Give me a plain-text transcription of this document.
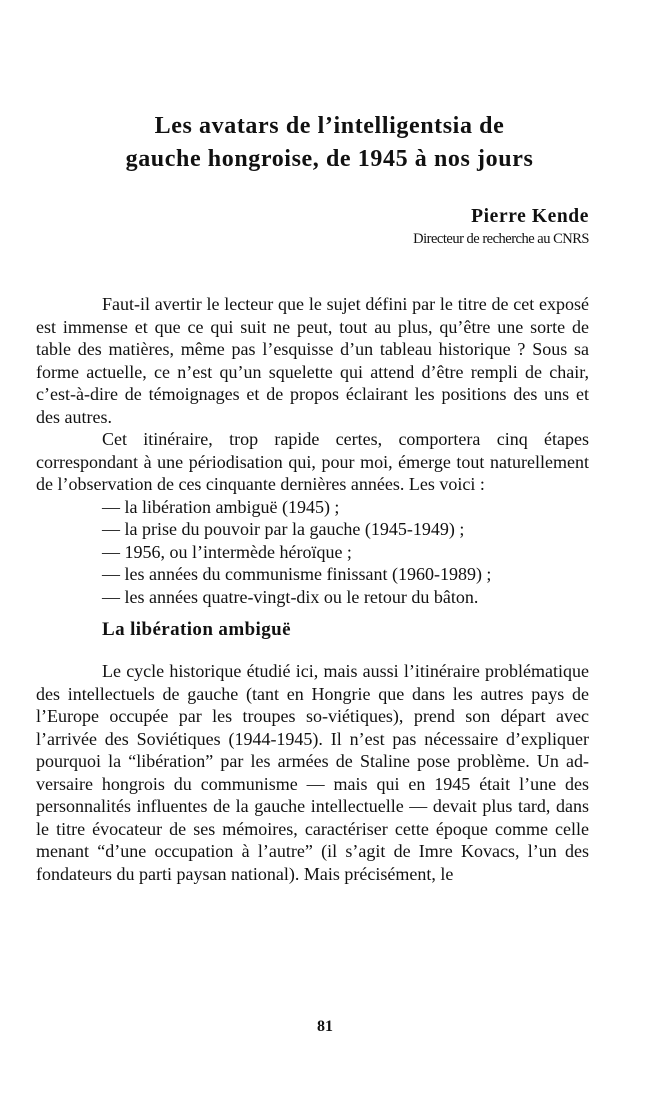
Les avatars de l’intelligentsia de
gauche hongroise, de 1945 à nos jours
Pierre Kende
Directeur de recherche au CNRS

Faut-il avertir le lecteur que le sujet défini par le titre de cet exposé est immense et que ce qui suit ne peut, tout au plus, qu’être une sorte de table des matières, même pas l’esquisse d’un tableau historique ? Sous sa forme actuelle, ce n’est qu’un squelette qui attend d’être rempli de chair, c’est-à-dire de témoignages et de propos éclairant les positions des uns et des autres.

Cet itinéraire, trop rapide certes, comportera cinq étapes correspondant à une périodisation qui, pour moi, émerge tout naturellement de l’observation de ces cinquante dernières années. Les voici :

— la libération ambiguë (1945) ;
— la prise du pouvoir par la gauche (1945-1949) ;
— 1956, ou l’intermède héroïque ;
— les années du communisme finissant (1960-1989) ;
— les années quatre-vingt-dix ou le retour du bâton.
La libération ambiguë

Le cycle historique étudié ici, mais aussi l’itinéraire problématique des intellectuels de gauche (tant en Hongrie que dans les autres pays de l’Europe occupée par les troupes so-viétiques), prend son départ avec l’arrivée des Soviétiques (1944-1945). Il n’est pas nécessaire d’expliquer pourquoi la “libération” par les armées de Staline pose problème. Un ad-versaire hongrois du communisme — mais qui en 1945 était l’une des personnalités influentes de la gauche intellectuelle — devait plus tard, dans le titre évocateur de ses mémoires, caractériser cette époque comme celle menant “d’une occupation à l’autre” (il s’agit de Imre Kovacs, l’un des fondateurs du parti paysan national). Mais précisément, le

81
